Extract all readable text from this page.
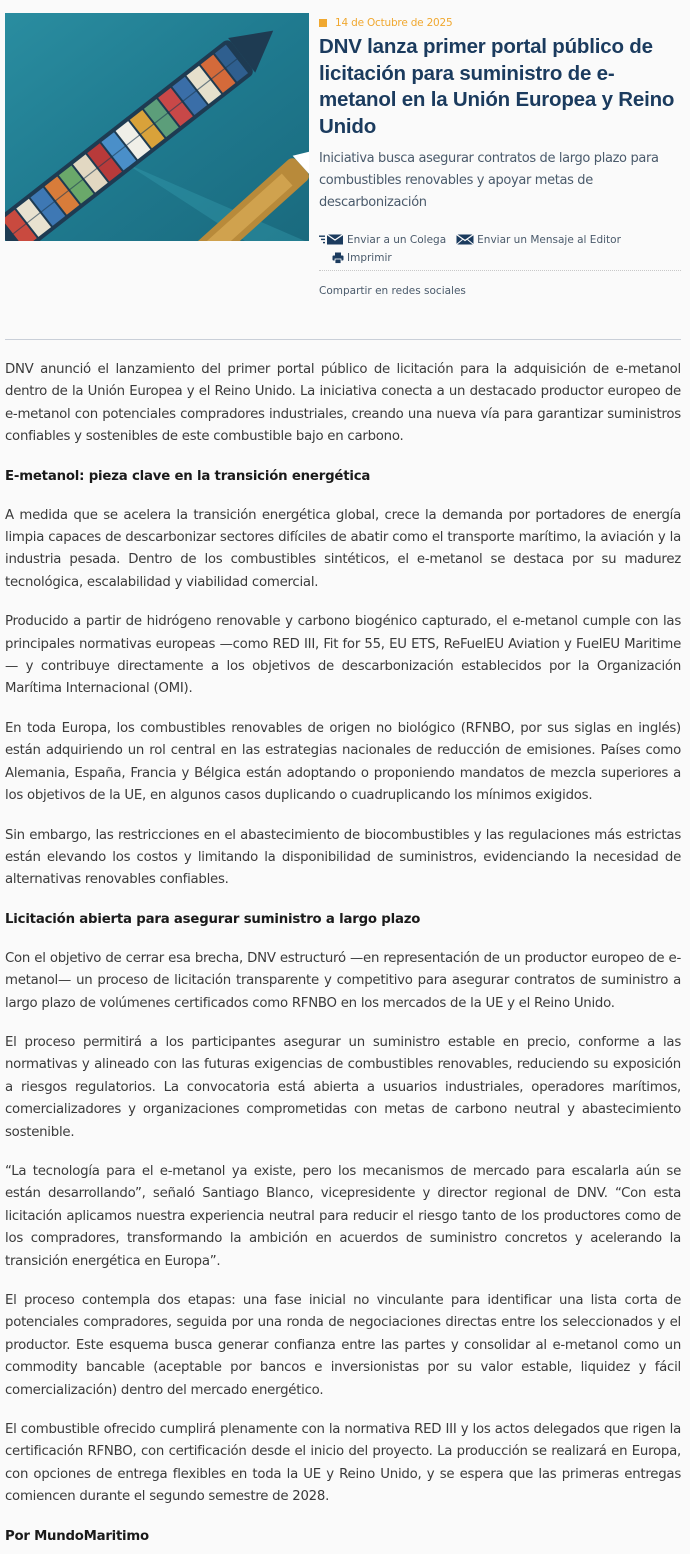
14 de Octubre de 2025
DNV lanza primer portal público de licitación para suministro de e-metanol en la Unión Europea y Reino Unido

Iniciativa busca asegurar contratos de largo plazo para combustibles renovables y apoyar metas de descarbonización

Enviar a un Colega	Enviar un Mensaje al Editor
Imprimir
Compartir en redes sociales

DNV anunció el lanzamiento del primer portal público de licitación para la adquisición de e-metanol dentro de la Unión Europea y el Reino Unido. La iniciativa conecta a un destacado productor europeo de e-metanol con potenciales compradores industriales, creando una nueva vía para garantizar suministros confiables y sostenibles de este combustible bajo en carbono.

E-metanol: pieza clave en la transición energética

A medida que se acelera la transición energética global, crece la demanda por portadores de energía limpia capaces de descarbonizar sectores difíciles de abatir como el transporte marítimo, la aviación y la industria pesada. Dentro de los combustibles sintéticos, el e-metanol se destaca por su madurez tecnológica, escalabilidad y viabilidad comercial.

Producido a partir de hidrógeno renovable y carbono biogénico capturado, el e-metanol cumple con las principales normativas europeas —como RED III, Fit for 55, EU ETS, ReFuelEU Aviation y FuelEU Maritime— y contribuye directamente a los objetivos de descarbonización establecidos por la Organización Marítima Internacional (OMI).

En toda Europa, los combustibles renovables de origen no biológico (RFNBO, por sus siglas en inglés) están adquiriendo un rol central en las estrategias nacionales de reducción de emisiones. Países como Alemania, España, Francia y Bélgica están adoptando o proponiendo mandatos de mezcla superiores a los objetivos de la UE, en algunos casos duplicando o cuadruplicando los mínimos exigidos.

Sin embargo, las restricciones en el abastecimiento de biocombustibles y las regulaciones más estrictas están elevando los costos y limitando la disponibilidad de suministros, evidenciando la necesidad de alternativas renovables confiables.

Licitación abierta para asegurar suministro a largo plazo

Con el objetivo de cerrar esa brecha, DNV estructuró —en representación de un productor europeo de e-metanol— un proceso de licitación transparente y competitivo para asegurar contratos de suministro a largo plazo de volúmenes certificados como RFNBO en los mercados de la UE y el Reino Unido.

El proceso permitirá a los participantes asegurar un suministro estable en precio, conforme a las normativas y alineado con las futuras exigencias de combustibles renovables, reduciendo su exposición a riesgos regulatorios. La convocatoria está abierta a usuarios industriales, operadores marítimos, comercializadores y organizaciones comprometidas con metas de carbono neutral y abastecimiento sostenible.

“La tecnología para el e-metanol ya existe, pero los mecanismos de mercado para escalarla aún se están desarrollando”, señaló Santiago Blanco, vicepresidente y director regional de DNV. “Con esta licitación aplicamos nuestra experiencia neutral para reducir el riesgo tanto de los productores como de los compradores, transformando la ambición en acuerdos de suministro concretos y acelerando la transición energética en Europa”.

El proceso contempla dos etapas: una fase inicial no vinculante para identificar una lista corta de potenciales compradores, seguida por una ronda de negociaciones directas entre los seleccionados y el productor. Este esquema busca generar confianza entre las partes y consolidar al e-metanol como un commodity bancable (aceptable por bancos e inversionistas por su valor estable, liquidez y fácil comercialización) dentro del mercado energético.

El combustible ofrecido cumplirá plenamente con la normativa RED III y los actos delegados que rigen la certificación RFNBO, con certificación desde el inicio del proyecto. La producción se realizará en Europa, con opciones de entrega flexibles en toda la UE y Reino Unido, y se espera que las primeras entregas comiencen durante el segundo semestre de 2028.

Por MundoMaritimo
